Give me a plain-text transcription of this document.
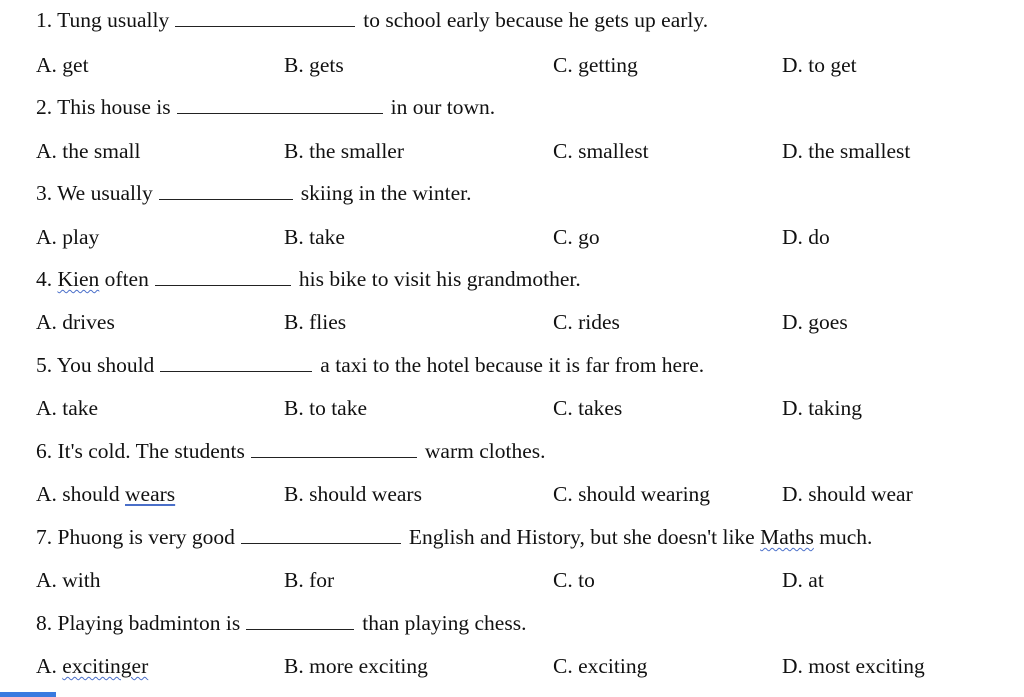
1. Tung usually	to school early because he gets up early.
A. get	B. gets	C. getting	D. to get
2. This house is	in our town.
A. the small	B. the smaller	C. smallest	D. the smallest
3. We usually	skiing in the winter.
A. play	B. take	C. go	D. do
4. Kien often	his bike to visit his grandmother.
A. drives	B. flies	C. rides	D. goes
5. You should	a taxi to the hotel because it is far from here.
A. take	B. to take	C. takes	D. taking
6. It's cold. The students	warm clothes.
A. should wears	B. should wears	C. should wearing	D. should wear
7. Phuong is very good	English and History, but she doesn't like Maths much.
A. with	B. for	C. to	D. at
8. Playing badminton is	than playing chess.
A. excitinger	B. more exciting	C. exciting	D. most exciting
